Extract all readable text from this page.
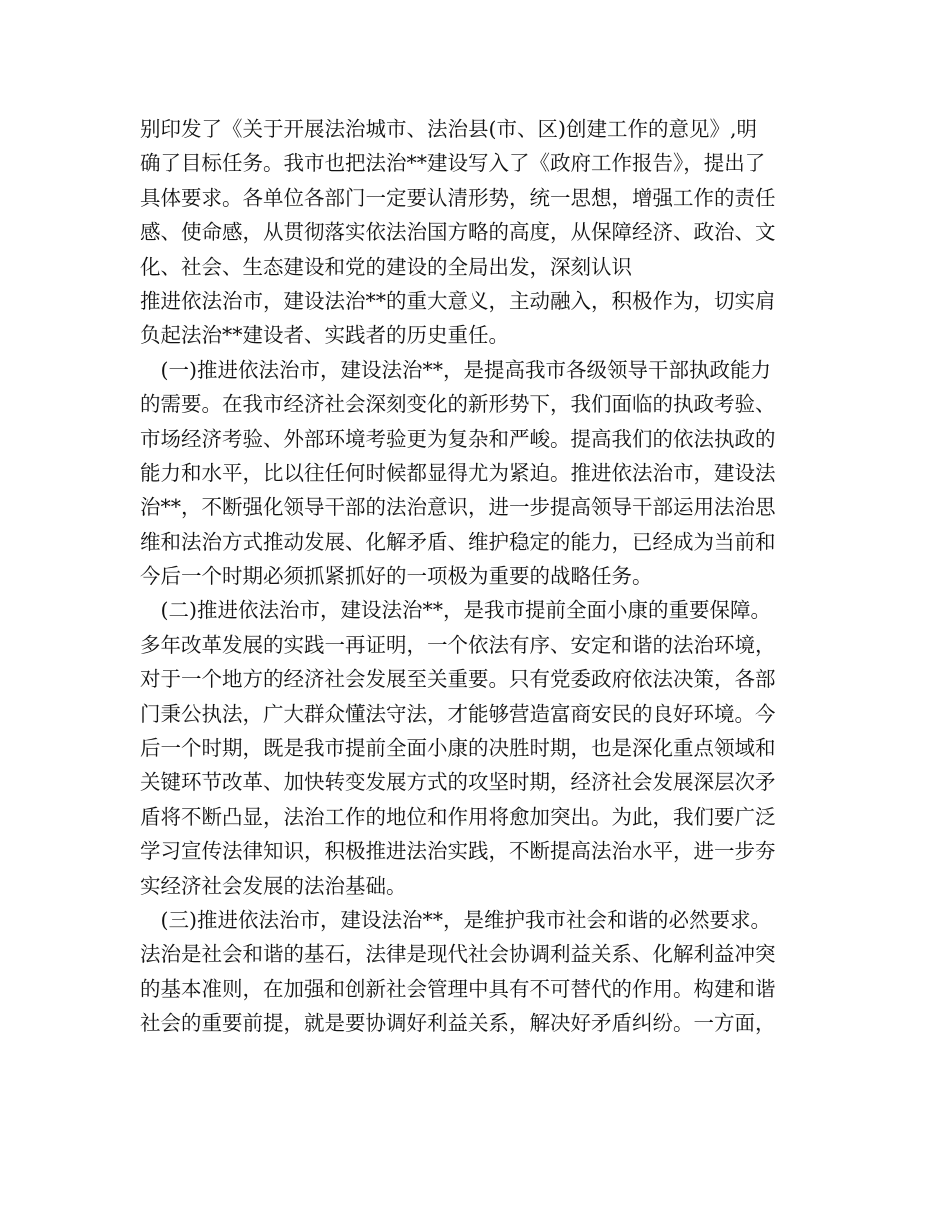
别印发了《关于开展法治城市、法治县(市、区)创建工作的意见》,明
确了目标任务。我市也把法治**建设写入了《政府工作报告》，提出了
具体要求。各单位各部门一定要认清形势，统一思想，增强工作的责任
感、使命感，从贯彻落实依法治国方略的高度，从保障经济、政治、文
化、社会、生态建设和党的建设的全局出发，深刻认识
推进依法治市，建设法治**的重大意义，主动融入，积极作为，切实肩
负起法治**建设者、实践者的历史重任。
　(一)推进依法治市，建设法治**，是提高我市各级领导干部执政能力
的需要。在我市经济社会深刻变化的新形势下，我们面临的执政考验、
市场经济考验、外部环境考验更为复杂和严峻。提高我们的依法执政的
能力和水平，比以往任何时候都显得尤为紧迫。推进依法治市，建设法
治**，不断强化领导干部的法治意识，进一步提高领导干部运用法治思
维和法治方式推动发展、化解矛盾、维护稳定的能力，已经成为当前和
今后一个时期必须抓紧抓好的一项极为重要的战略任务。
　(二)推进依法治市，建设法治**，是我市提前全面小康的重要保障。
多年改革发展的实践一再证明，一个依法有序、安定和谐的法治环境，
对于一个地方的经济社会发展至关重要。只有党委政府依法决策，各部
门秉公执法，广大群众懂法守法，才能够营造富商安民的良好环境。今
后一个时期，既是我市提前全面小康的决胜时期，也是深化重点领域和
关键环节改革、加快转变发展方式的攻坚时期，经济社会发展深层次矛
盾将不断凸显，法治工作的地位和作用将愈加突出。为此，我们要广泛
学习宣传法律知识，积极推进法治实践，不断提高法治水平，进一步夯
实经济社会发展的法治基础。
　(三)推进依法治市，建设法治**，是维护我市社会和谐的必然要求。
法治是社会和谐的基石，法律是现代社会协调利益关系、化解利益冲突
的基本准则，在加强和创新社会管理中具有不可替代的作用。构建和谐
社会的重要前提，就是要协调好利益关系，解决好矛盾纠纷。一方面，
